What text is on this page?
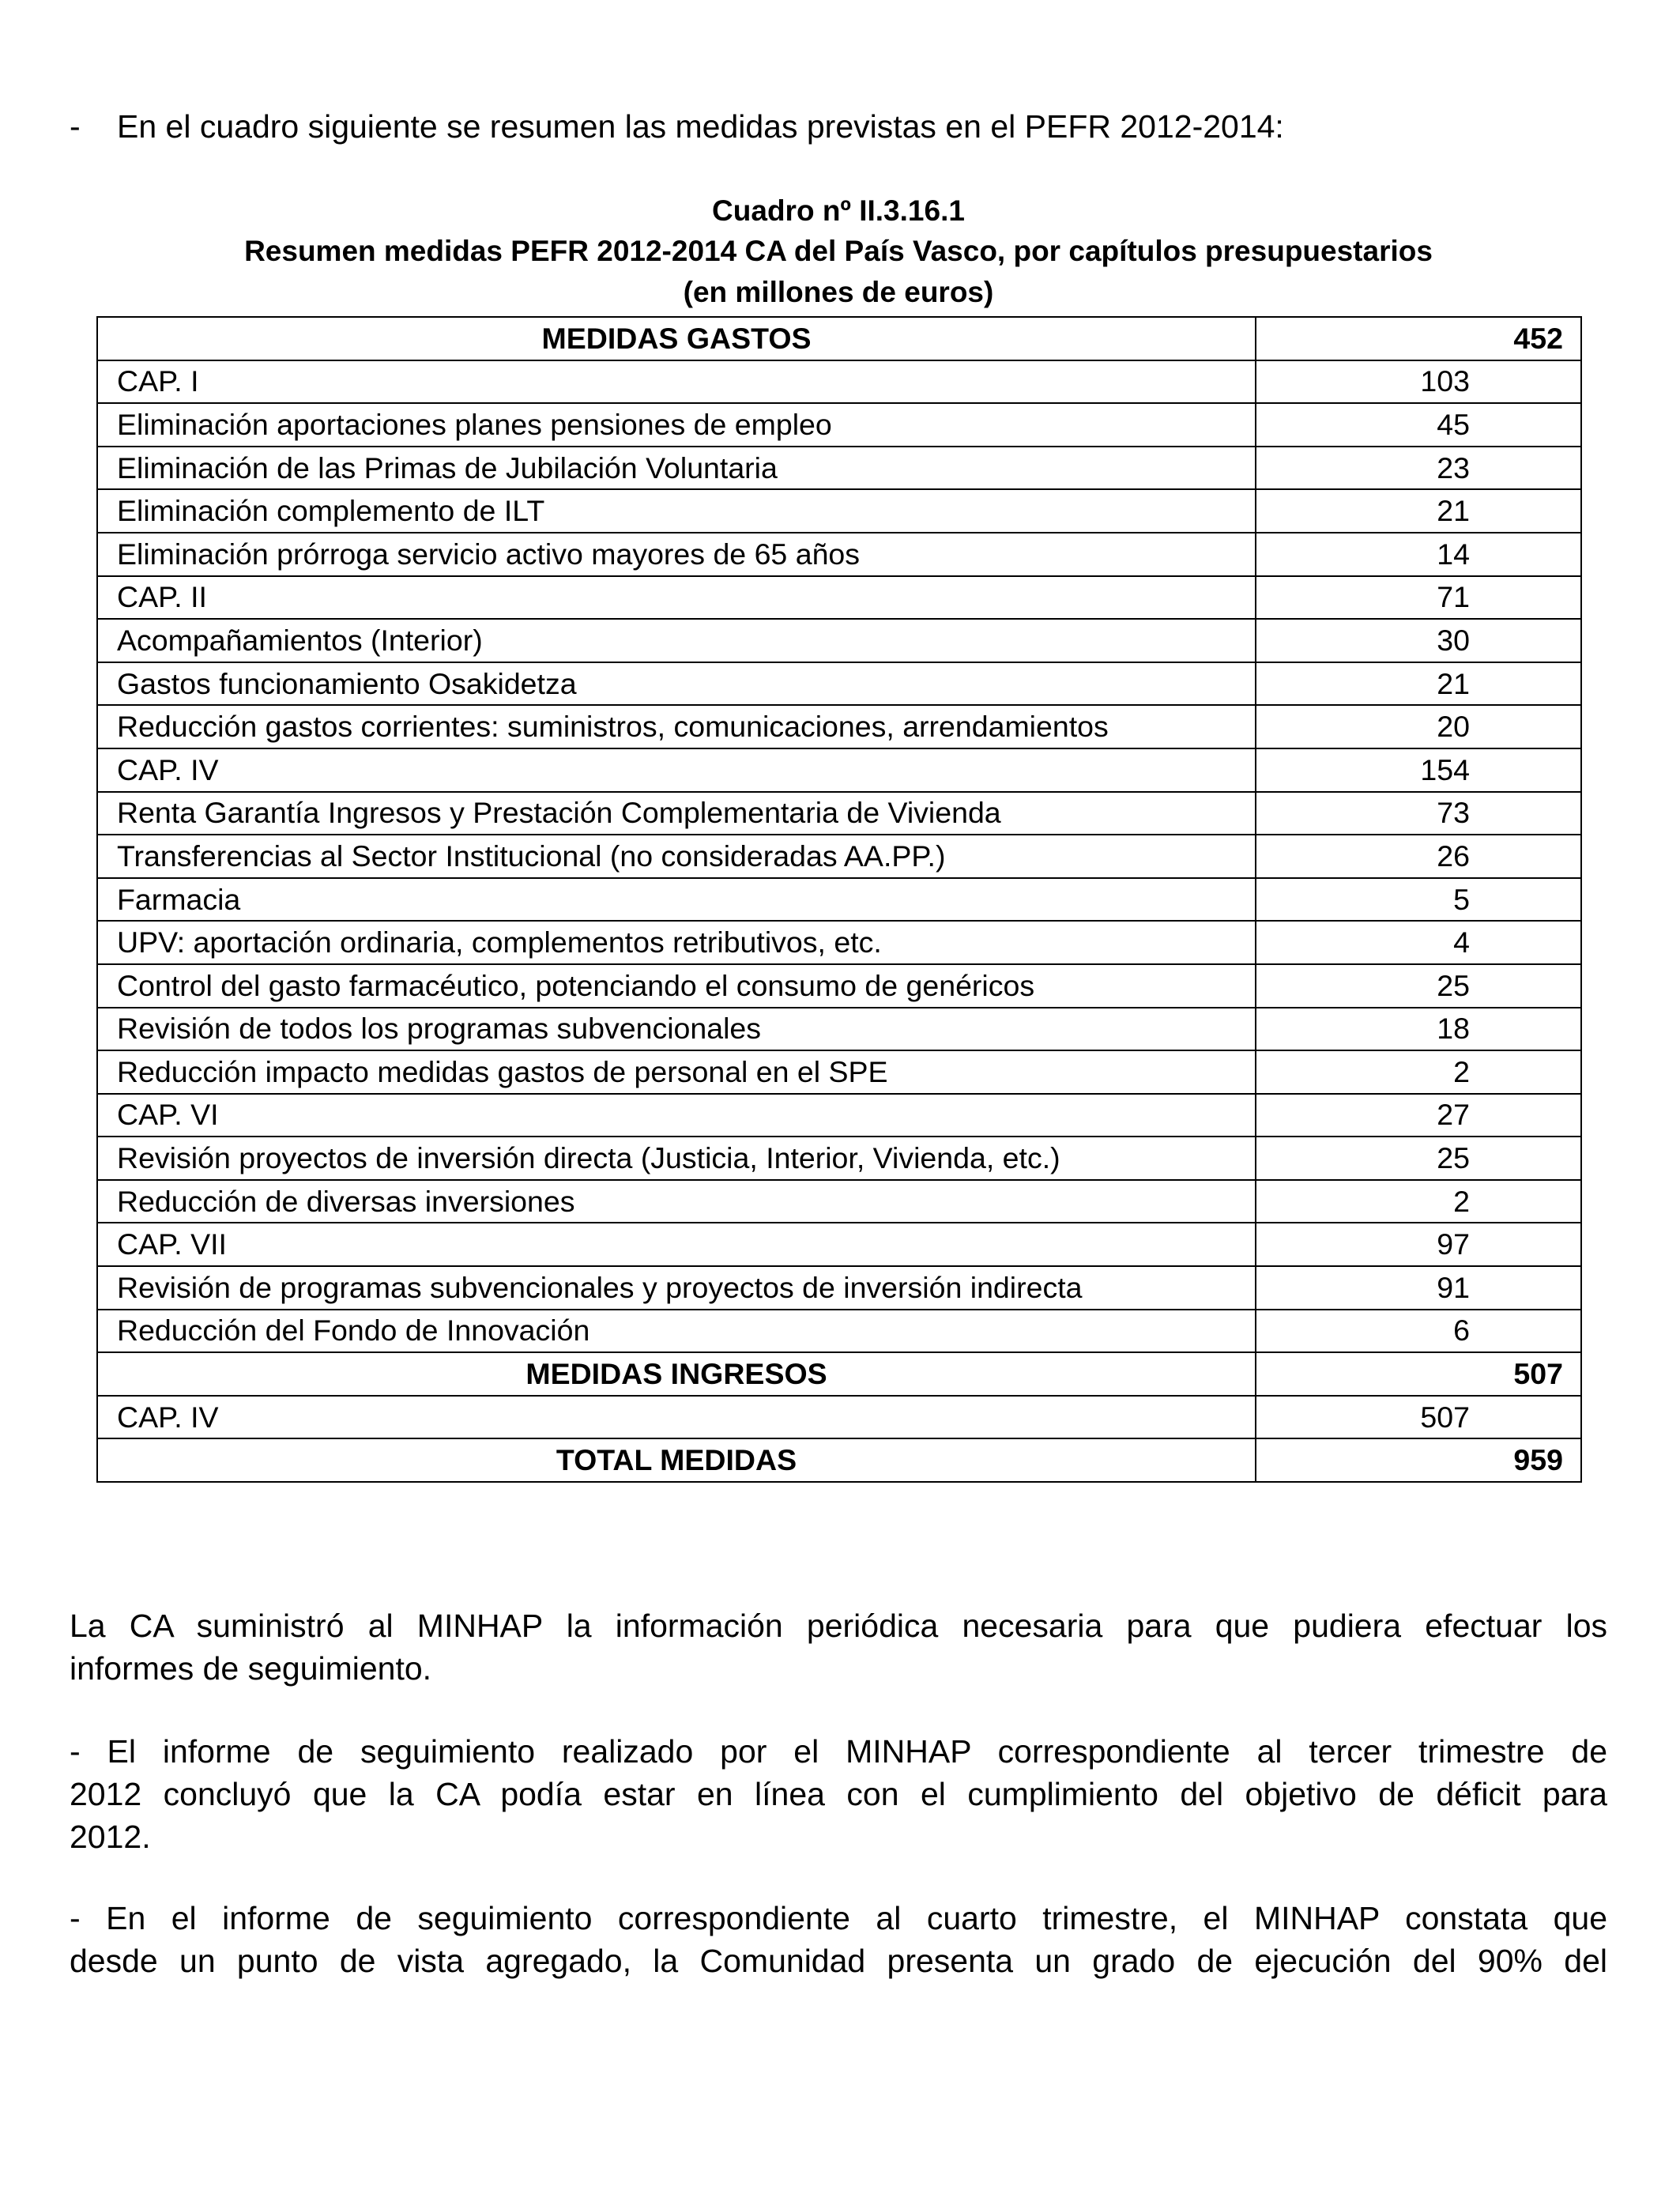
- En el cuadro siguiente se resumen las medidas previstas en el PEFR 2012-2014:
Cuadro nº II.3.16.1
Resumen medidas PEFR 2012-2014 CA del País Vasco, por capítulos presupuestarios
(en millones de euros)
MEDIDAS GASTOS	452
CAP. I	103
Eliminación aportaciones planes pensiones de empleo	45
Eliminación de las Primas de Jubilación Voluntaria	23
Eliminación complemento de ILT	21
Eliminación prórroga servicio activo mayores de 65 años	14
CAP. II	71
Acompañamientos (Interior)	30
Gastos funcionamiento Osakidetza	21
Reducción gastos corrientes: suministros, comunicaciones, arrendamientos	20
CAP. IV	154
Renta Garantía Ingresos y Prestación Complementaria de Vivienda	73
Transferencias al Sector Institucional (no consideradas AA.PP.)	26
Farmacia	5
UPV: aportación ordinaria, complementos retributivos, etc.	4
Control del gasto farmacéutico, potenciando el consumo de genéricos	25
Revisión de todos los programas subvencionales	18
Reducción impacto medidas gastos de personal en el SPE	2
CAP. VI	27
Revisión proyectos de inversión directa (Justicia, Interior, Vivienda, etc.)	25
Reducción de diversas inversiones	2
CAP. VII	97
Revisión de programas subvencionales y proyectos de inversión indirecta	91
Reducción del Fondo de Innovación	6
MEDIDAS INGRESOS	507
CAP. IV	507
TOTAL MEDIDAS	959
La CA suministró al MINHAP la información periódica necesaria para que pudiera efectuar los
informes de seguimiento.
- El informe de seguimiento realizado por el MINHAP correspondiente al tercer trimestre de
2012 concluyó que la CA podía estar en línea con el cumplimiento del objetivo de déficit para
2012.
- En el informe de seguimiento correspondiente al cuarto trimestre, el MINHAP constata que
desde un punto de vista agregado, la Comunidad presenta un grado de ejecución del 90% del
